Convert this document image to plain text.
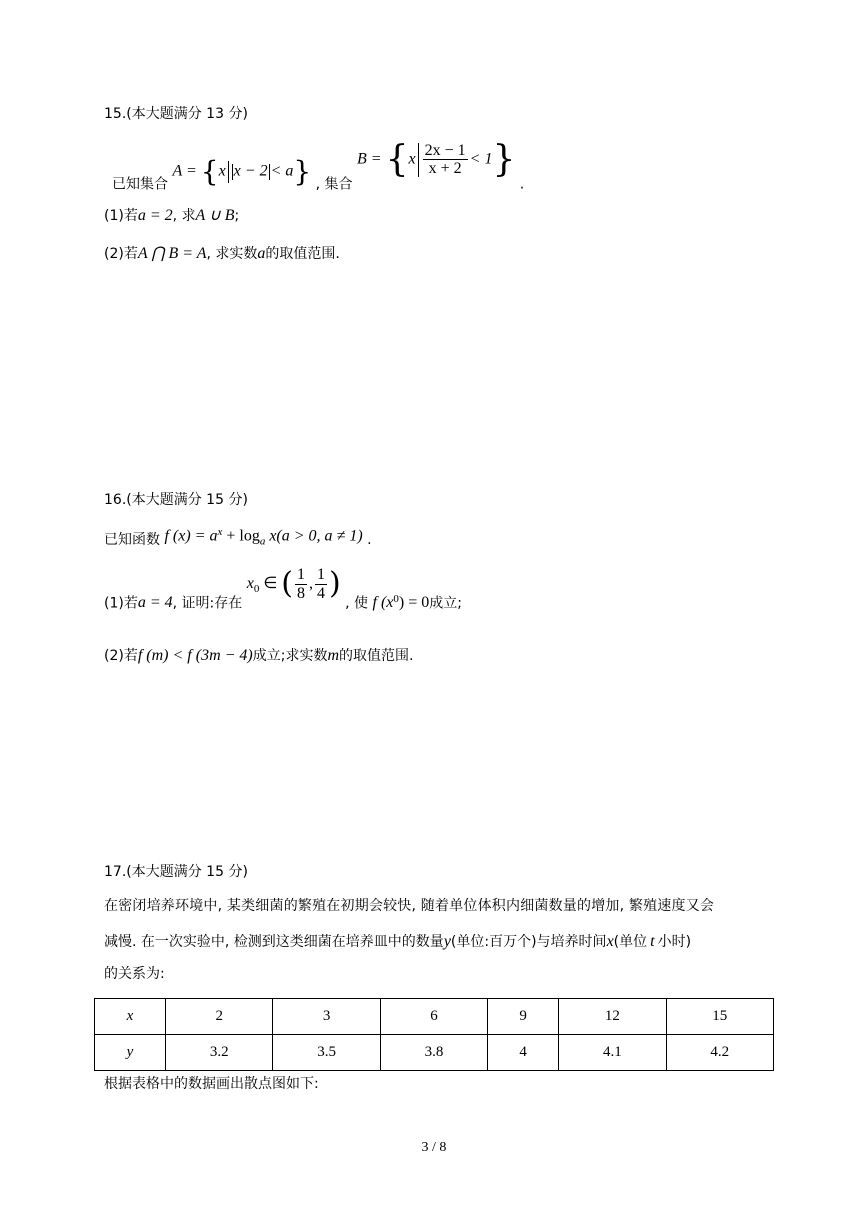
15.(本大题满分 13 分)
已知集合 A = {x x − 2 < a} , 集合 $B = \{x \frac{2x - 1}{x + 2} < 1\}$ .
(1)若a = 2, 求A ∪ B;
(2)若A ⋂ B = A, 求实数a的取值范围.
16.(本大题满分 15 分)
已知函数 f $(x) = a^x + \log_a x(a > 0$, a ≠ 1) .
(1)若a = 4, 证明:存在 $x_0$ ∈ ( $\frac{1}{8}$ , $\frac{1}{4}$ ) , 使 f $(x_0) = 0$成立;
(2)若f (m) < f (3m − 4)成立;求实数m的取值范围.
17.(本大题满分 15 分)
在密闭培养环境中, 某类细菌的繁殖在初期会较快, 随着单位体积内细菌数量的增加, 繁殖速度又会
减慢. 在一次实验中, 检测到这类细菌在培养皿中的数量y(单位:百万个)与培养时间x(单位 t 小时)
的关系为:
x	2	3	6	9	12	15
y	3.2	3.5	3.8	4	4.1	4.2
根据表格中的数据画出散点图如下:
3 / 8
